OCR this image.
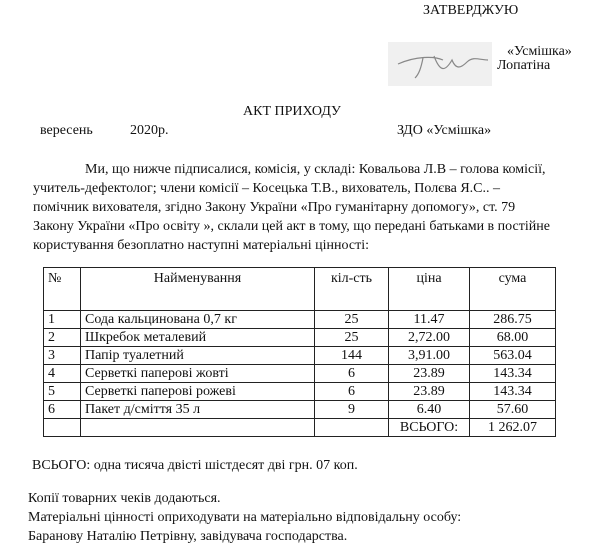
ЗАТВЕРДЖУЮ
«Усмішка»
Лопатіна
АКТ ПРИХОДУ
вересень	2020р.	ЗДО «Усмішка»
Ми, що нижче підписалися, комісія, у складі: Ковальова Л.В – голова комісії,
учитель-дефектолог; члени комісії – Косецька Т.В., вихователь, Полєва Я.С.. –
помічник вихователя, згідно Закону України «Про гуманітарну допомогу», ст. 79
Закону України «Про освіту », склали цей акт в тому, що передані батьками в постійне
користування безоплатно наступні матеріальні цінності:
№	Найменування	кіл-сть	ціна	сума
1	Сода кальцинована 0,7 кг	25	11.47	286.75
2	Шкребок металевий	25	2,72.00	68.00
3	Папір туалетний	144	3,91.00	563.04
4	Серветкі паперові жовті	6	23.89	143.34
5	Серветкі паперові рожеві	6	23.89	143.34
6	Пакет д/сміття 35 л	9	6.40	57.60
			ВСЬОГО:	1 262.07
ВСЬОГО: одна тисяча двісті шістдесят дві грн. 07 коп.
Копії товарних чеків додаються.
Матеріальні цінності оприходувати на матеріально відповідальну особу:
Баранову Наталію Петрівну, завідувача господарства.
